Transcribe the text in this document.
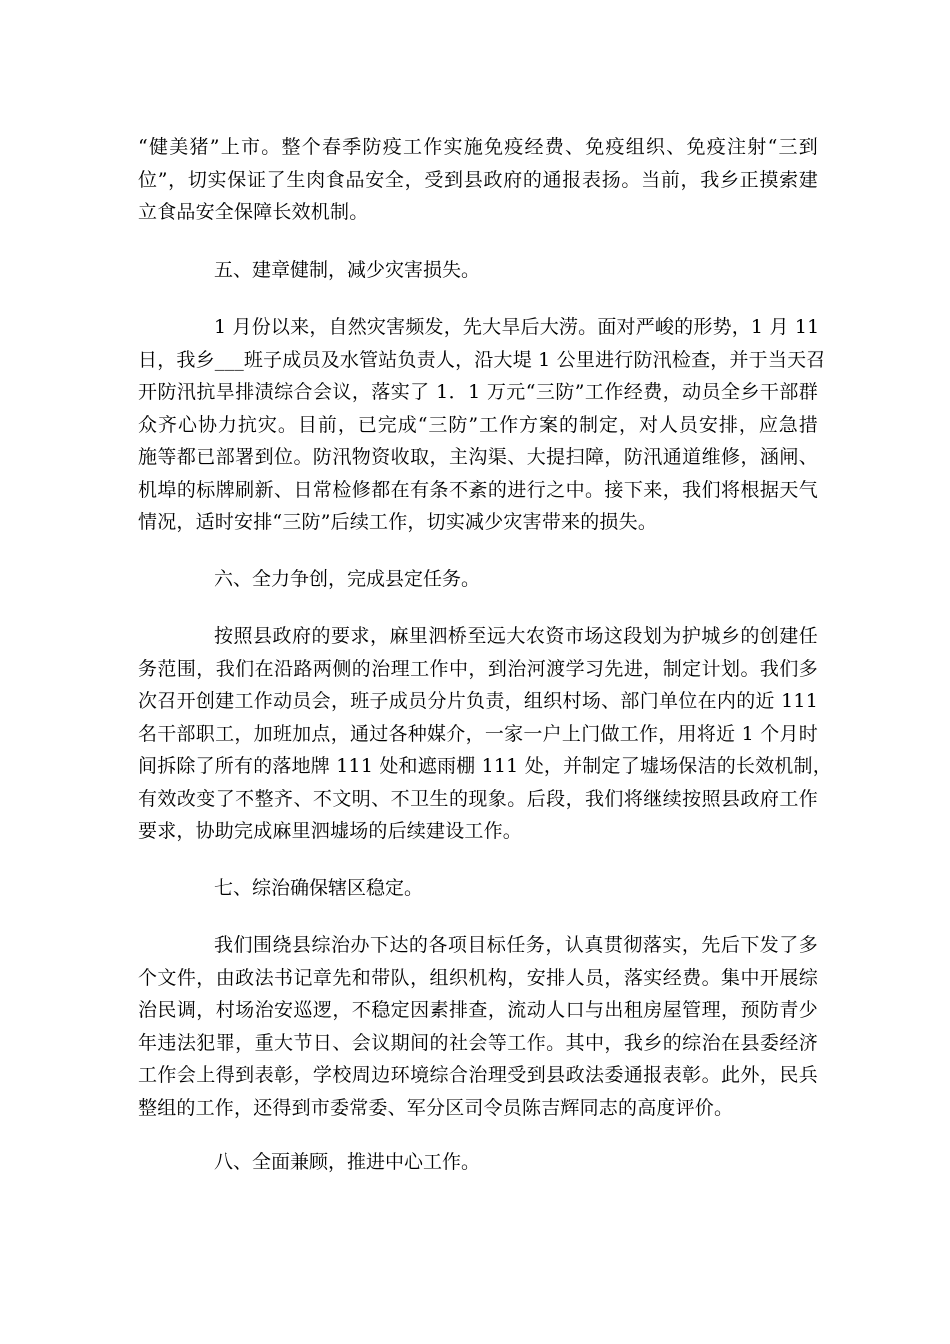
“健美猪”上市。整个春季防疫工作实施免疫经费、免疫组织、免疫注射“三到
位”，切实保证了生肉食品安全，受到县政府的通报表扬。当前，我乡正摸索建
立食品安全保障长效机制。
五、建章健制，减少灾害损失。
1 月份以来，自然灾害频发，先大旱后大涝。面对严峻的形势，1 月 11
日，我乡___班子成员及水管站负责人，沿大堤 1 公里进行防汛检查，并于当天召
开防汛抗旱排渍综合会议，落实了 1．1 万元“三防”工作经费，动员全乡干部群
众齐心协力抗灾。目前，已完成“三防”工作方案的制定，对人员安排，应急措
施等都已部署到位。防汛物资收取，主沟渠、大提扫障，防汛通道维修，涵闸、
机埠的标牌刷新、日常检修都在有条不紊的进行之中。接下来，我们将根据天气
情况，适时安排“三防”后续工作，切实减少灾害带来的损失。
六、全力争创，完成县定任务。
按照县政府的要求，麻里泗桥至远大农资市场这段划为护城乡的创建任
务范围，我们在沿路两侧的治理工作中，到治河渡学习先进，制定计划。我们多
次召开创建工作动员会，班子成员分片负责，组织村场、部门单位在内的近 111
名干部职工，加班加点，通过各种媒介，一家一户上门做工作，用将近 1 个月时
间拆除了所有的落地牌 111 处和遮雨棚 111 处，并制定了墟场保洁的长效机制，
有效改变了不整齐、不文明、不卫生的现象。后段，我们将继续按照县政府工作
要求，协助完成麻里泗墟场的后续建设工作。
七、综治确保辖区稳定。
我们围绕县综治办下达的各项目标任务，认真贯彻落实，先后下发了多
个文件，由政法书记章先和带队，组织机构，安排人员，落实经费。集中开展综
治民调，村场治安巡逻，不稳定因素排查，流动人口与出租房屋管理，预防青少
年违法犯罪，重大节日、会议期间的社会等工作。其中，我乡的综治在县委经济
工作会上得到表彰，学校周边环境综合治理受到县政法委通报表彰。此外，民兵
整组的工作，还得到市委常委、军分区司令员陈吉辉同志的高度评价。
八、全面兼顾，推进中心工作。
